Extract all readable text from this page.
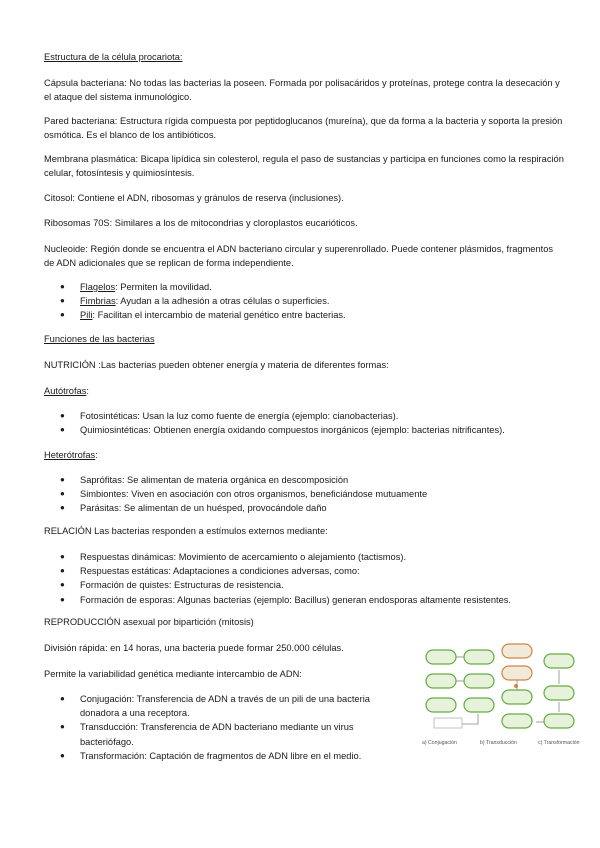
Estructura de la célula procariota:

Cápsula bacteriana: No todas las bacterias la poseen. Formada por polisacáridos y proteínas, protege contra la desecación y el ataque del sistema inmunológico.

Pared bacteriana: Estructura rígida compuesta por peptidoglucanos (mureína), que da forma a la bacteria y soporta la presión osmótica. Es el blanco de los antibióticos.

Membrana plasmática: Bicapa lipídica sin colesterol, regula el paso de sustancias y participa en funciones como la respiración celular, fotosíntesis y quimiosíntesis.

Citosol: Contiene el ADN, ribosomas y gránulos de reserva (inclusiones).

Ribosomas 70S: Similares a los de mitocondrias y cloroplastos eucarióticos.

Nucleoide: Región donde se encuentra el ADN bacteriano circular y superenrollado. Puede contener plásmidos, fragmentos de ADN adicionales que se replican de forma independiente.

● Flagelos: Permiten la movilidad.
● Fimbrias: Ayudan a la adhesión a otras células o superficies.
● Pili: Facilitan el intercambio de material genético entre bacterias.

Funciones de las bacterias

NUTRICIÓN :Las bacterias pueden obtener energía y materia de diferentes formas:

Autótrofas:

● Fotosintéticas: Usan la luz como fuente de energía (ejemplo: cianobacterias).
● Quimiosintéticas: Obtienen energía oxidando compuestos inorgánicos (ejemplo: bacterias nitrificantes).

Heterótrofas:

● Saprófitas: Se alimentan de materia orgánica en descomposición
● Simbiontes: Viven en asociación con otros organismos, beneficiándose mutuamente
● Parásitas: Se alimentan de un huésped, provocándole daño

RELACIÓN Las bacterias responden a estímulos externos mediante:

● Respuestas dinámicas: Movimiento de acercamiento o alejamiento (tactismos).
● Respuestas estáticas: Adaptaciones a condiciones adversas, como:
● Formación de quistes: Estructuras de resistencia.
● Formación de esporas: Algunas bacterias (ejemplo: Bacillus) generan endosporas altamente resistentes.

REPRODUCCIÓN asexual por bipartición (mitosis)

División rápida: en 14 horas, una bacteria puede formar 250.000 células.

Permite la variabilidad genética mediante intercambio de ADN:

● Conjugación: Transferencia de ADN a través de un pili de una bacteria donadora a una receptora.
● Transducción: Transferencia de ADN bacteriano mediante un virus bacteriófago.
● Transformación: Captación de fragmentos de ADN libre en el medio.
a) Conjugación	b) Transducción	c) Transformación
